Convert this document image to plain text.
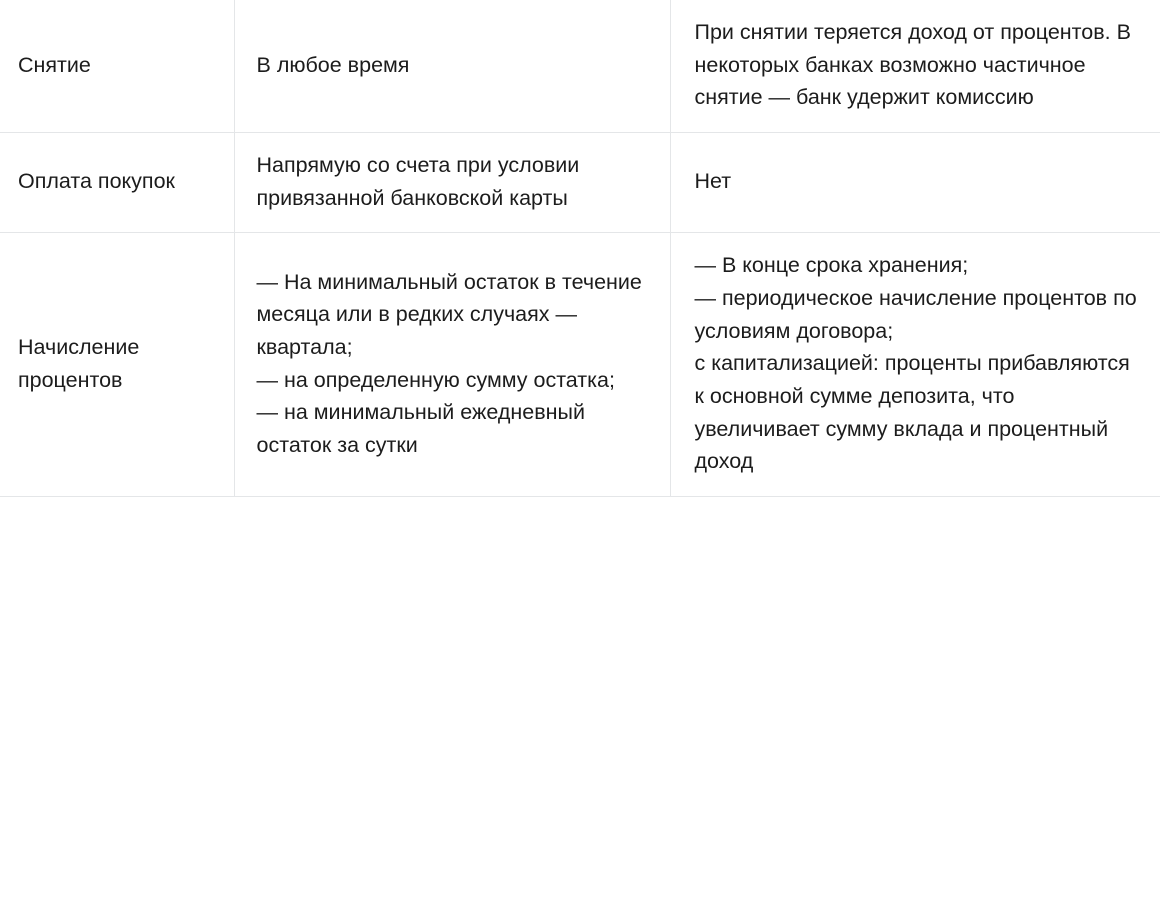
Снятие	В любое время	При снятии теряется доход от процентов. В некоторых банках возможно частичное снятие — банк удержит комиссию
Оплата покупок	Напрямую со счета при условии привязанной банковской карты	Нет
Начисление процентов	— На минимальный остаток в течение месяца или в редких случаях — квартала;
— на определенную сумму остатка;
— на минимальный ежедневный остаток за сутки	— В конце срока хранения;
— периодическое начисление процентов по условиям договора;
с капитализацией: проценты прибавляются к основной сумме депозита, что увеличивает сумму вклада и процентный доход
